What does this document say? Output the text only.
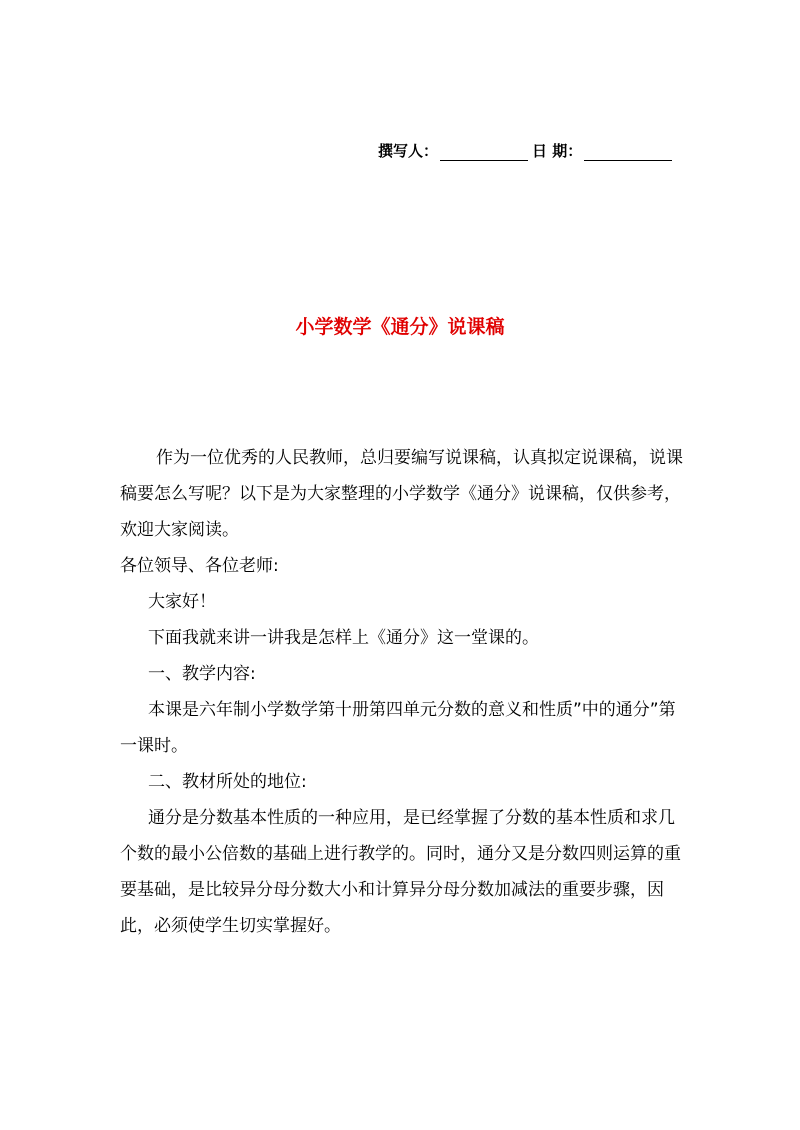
撰写人：	日 期：
小学数学《通分》说课稿

作为一位优秀的人民教师，总归要编写说课稿，认真拟定说课稿，说课稿要怎么写呢？以下是为大家整理的小学数学《通分》说课稿，仅供参考，欢迎大家阅读。

各位领导、各位老师:

大家好！

下面我就来讲一讲我是怎样上《通分》这一堂课的。

一、教学内容:

本课是六年制小学数学第十册第四单元分数的意义和性质”中的通分”第一课时。

二、教材所处的地位:

通分是分数基本性质的一种应用，是已经掌握了分数的基本性质和求几个数的最小公倍数的基础上进行教学的。同时，通分又是分数四则运算的重要基础，是比较异分母分数大小和计算异分母分数加减法的重要步骤，因此，必须使学生切实掌握好。
